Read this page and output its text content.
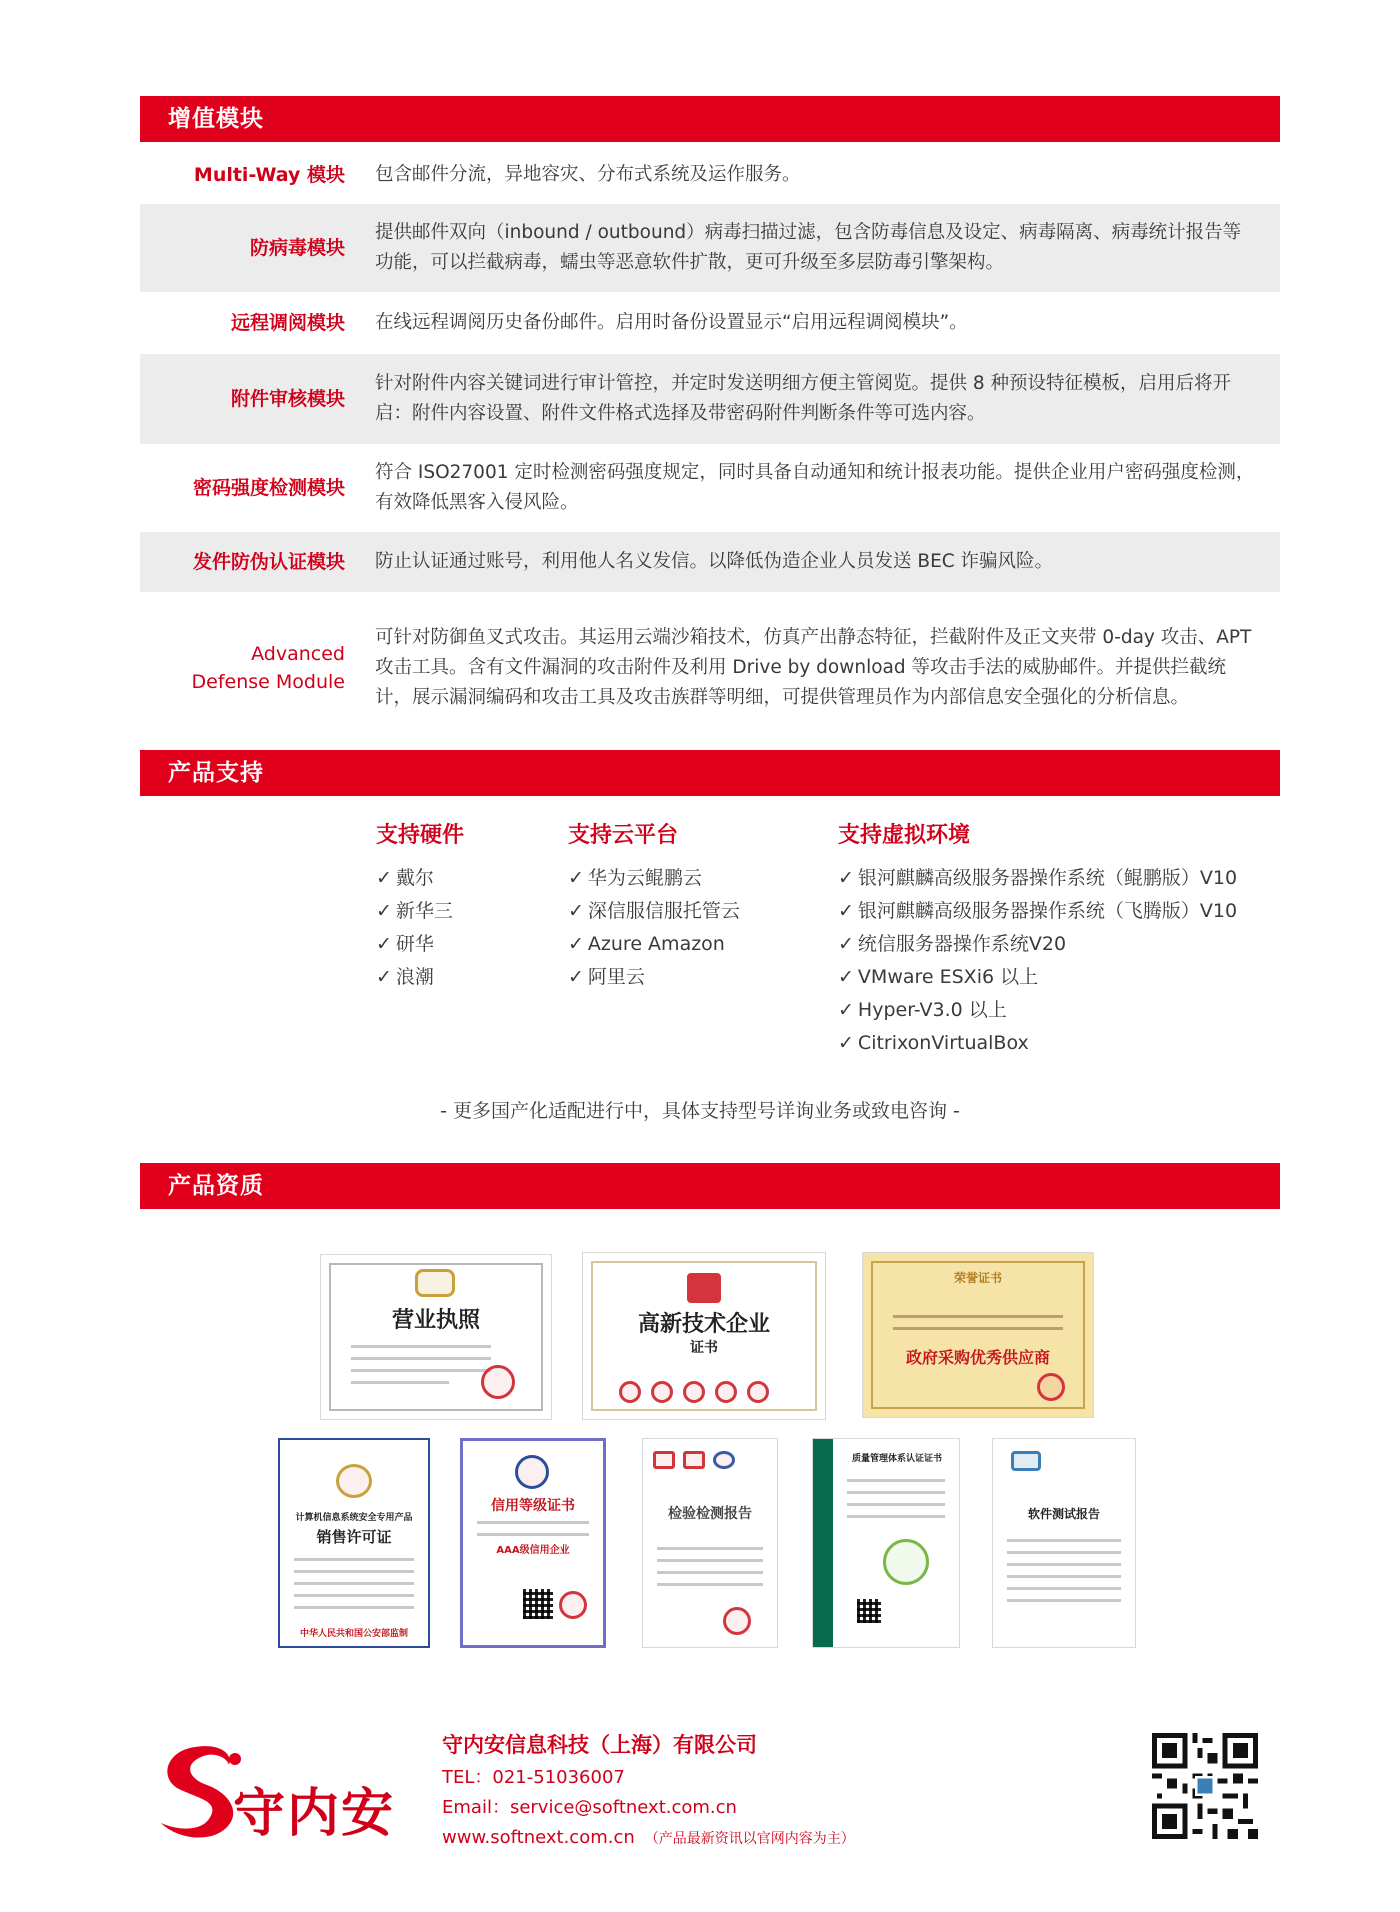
增值模块
Multi-Way 模块 包含邮件分流，异地容灾、分布式系统及运作服务。
防病毒模块
提供邮件双向（inbound / outbound）病毒扫描过滤，包含防毒信息及设定、病毒隔离、病毒统计报告等功能，可以拦截病毒，蠕虫等恶意软件扩散，更可升级至多层防毒引擎架构。
远程调阅模块 在线远程调阅历史备份邮件。启用时备份设置显示“启用远程调阅模块”。
附件审核模块
针对附件内容关键词进行审计管控，并定时发送明细方便主管阅览。提供 8 种预设特征模板，启用后将开启：附件内容设置、附件文件格式选择及带密码附件判断条件等可选内容。
密码强度检测模块
符合 ISO27001 定时检测密码强度规定，同时具备自动通知和统计报表功能。提供企业用户密码强度检测，有效降低黑客入侵风险。
发件防伪认证模块 防止认证通过账号，利用他人名义发信。以降低伪造企业人员发送 BEC 诈骗风险。
Advanced
Defense Module
可针对防御鱼叉式攻击。其运用云端沙箱技术，仿真产出静态特征，拦截附件及正文夹带 0-day 攻击、APT 攻击工具。含有文件漏洞的攻击附件及利用 Drive by download 等攻击手法的威胁邮件。并提供拦截统计，展示漏洞编码和攻击工具及攻击族群等明细，可提供管理员作为内部信息安全强化的分析信息。
产品支持
支持硬件
✓ 戴尔
✓ 新华三
✓ 研华
✓ 浪潮
支持云平台
✓ 华为云鲲鹏云
✓ 深信服信服托管云
✓ Azure Amazon
✓ 阿里云
支持虚拟环境
✓ 银河麒麟高级服务器操作系统（鲲鹏版）V10
✓ 银河麒麟高级服务器操作系统（飞腾版）V10
✓ 统信服务器操作系统V20
✓ VMware ESXi6 以上
✓ Hyper-V3.0 以上
✓ CitrixonVirtualBox
- 更多国产化适配进行中，具体支持型号详询业务或致电咨询 -
产品资质
营业执照	高新技术企业
证书
荣誉证书
政府采购优秀供应商
计算机信息系统安全专用产品
销售许可证
中华人民共和国公安部监制
信用等级证书
AAA级信用企业
检验检测报告
质量管理体系认证证书
软件测试报告
守内安
守内安信息科技（上海）有限公司
TEL：021-51036007
Email：service@softnext.com.cn
www.softnext.com.cn （产品最新资讯以官网内容为主）
